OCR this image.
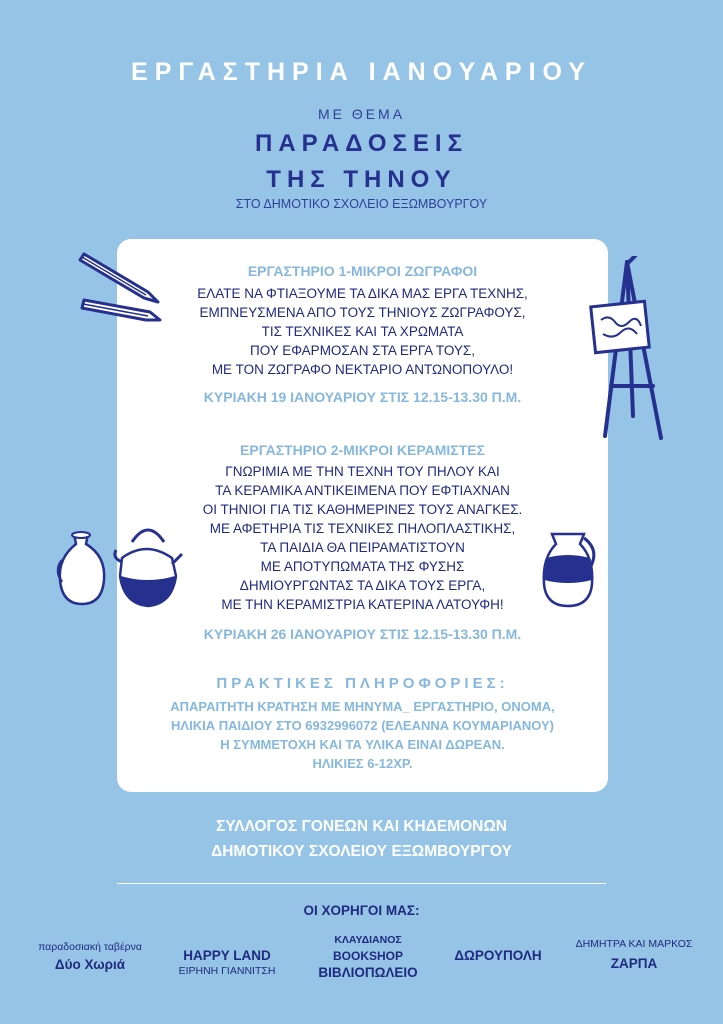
ΕΡΓΑΣΤΗΡΙΑ ΙΑΝΟΥΑΡΙΟΥ
ΜΕ ΘΕΜΑ
ΠΑΡΑΔΟΣΕΙΣ
ΤΗΣ ΤΗΝΟΥ
ΣΤΟ ΔΗΜΟΤΙΚΟ ΣΧΟΛΕΙΟ ΕΞΩΜΒΟΥΡΓΟΥ
ΕΡΓΑΣΤΗΡΙΟ 1-ΜΙΚΡΟΙ ΖΩΓΡΑΦΟΙ
ΕΛΑΤΕ ΝΑ ΦΤΙΑΞΟΥΜΕ ΤΑ ΔΙΚΑ ΜΑΣ ΕΡΓΑ ΤΕΧΝΗΣ,
ΕΜΠΝΕΥΣΜΕΝΑ ΑΠΟ ΤΟΥΣ ΤΗΝΙΟΥΣ ΖΩΓΡΑΦΟΥΣ,
ΤΙΣ ΤΕΧΝΙΚΕΣ ΚΑΙ ΤΑ ΧΡΩΜΑΤΑ
ΠΟΥ ΕΦΑΡΜΟΣΑΝ ΣΤΑ ΕΡΓΑ ΤΟΥΣ,
ΜΕ ΤΟΝ ΖΩΓΡΑΦΟ ΝΕΚΤΑΡΙΟ ΑΝΤΩΝΟΠΟΥΛΟ!
ΚΥΡΙΑΚΗ 19 ΙΑΝΟΥΑΡΙΟΥ ΣΤΙΣ 12.15-13.30 Π.Μ.
ΕΡΓΑΣΤΗΡΙΟ 2-ΜΙΚΡΟΙ ΚΕΡΑΜΙΣΤΕΣ
ΓΝΩΡΙΜΙΑ ΜΕ ΤΗΝ ΤΕΧΝΗ ΤΟΥ ΠΗΛΟΥ ΚΑΙ
ΤΑ ΚΕΡΑΜΙΚΑ ΑΝΤΙΚΕΙΜΕΝΑ ΠΟΥ ΕΦΤΙΑΧΝΑΝ
ΟΙ ΤΗΝΙΟΙ ΓΙΑ ΤΙΣ ΚΑΘΗΜΕΡΙΝΕΣ ΤΟΥΣ ΑΝΑΓΚΕΣ.
ΜΕ ΑΦΕΤΗΡΙΑ ΤΙΣ ΤΕΧΝΙΚΕΣ ΠΗΛΟΠΛΑΣΤΙΚΗΣ,
ΤΑ ΠΑΙΔΙΑ ΘΑ ΠΕΙΡΑΜΑΤΙΣΤΟΥΝ
ΜΕ ΑΠΟΤΥΠΩΜΑΤΑ ΤΗΣ ΦΥΣΗΣ
ΔΗΜΙΟΥΡΓΩΝΤΑΣ ΤΑ ΔΙΚΑ ΤΟΥΣ ΕΡΓΑ,
ΜΕ ΤΗΝ ΚΕΡΑΜΙΣΤΡΙΑ ΚΑΤΕΡΙΝΑ ΛΑΤΟΥΦΗ!
ΚΥΡΙΑΚΗ 26 ΙΑΝΟΥΑΡΙΟΥ ΣΤΙΣ 12.15-13.30 Π.Μ.
ΠΡΑΚΤΙΚΕΣ ΠΛΗΡΟΦΟΡΙΕΣ:
ΑΠΑΡΑΙΤΗΤΗ ΚΡΑΤΗΣΗ ΜΕ ΜΗΝΥΜΑ_ ΕΡΓΑΣΤΗΡΙΟ, ΟΝΟΜΑ,
ΗΛΙΚΙΑ ΠΑΙΔΙΟΥ ΣΤΟ 6932996072 (ΕΛΕΑΝΝΑ ΚΟΥΜΑΡΙΑΝΟΥ)
Η ΣΥΜΜΕΤΟΧΗ ΚΑΙ ΤΑ ΥΛΙΚΑ ΕΙΝΑΙ ΔΩΡΕΑΝ.
ΗΛΙΚΙΕΣ 6-12ΧΡ.
ΣΥΛΛΟΓΟΣ ΓΟΝΕΩΝ ΚΑΙ ΚΗΔΕΜΟΝΩΝ
ΔΗΜΟΤΙΚΟΥ ΣΧΟΛΕΙΟΥ ΕΞΩΜΒΟΥΡΓΟΥ
ΟΙ ΧΟΡΗΓΟΙ ΜΑΣ:
παραδοσιακή ταβέρνα
Δύο Χωριά
HAPPY LAND
ΕΙΡΗΝΗ ΓΙΑΝΝΙΤΣΗ
ΚΛΑΥΔΙΑΝΟΣ
BOOKSHOP
ΒΙΒΛΙΟΠΩΛΕΙΟ
ΔΩΡΟΥΠΟΛΗ
ΔΗΜΗΤΡΑ ΚΑΙ ΜΑΡΚΟΣ
ΖΑΡΠΑ
